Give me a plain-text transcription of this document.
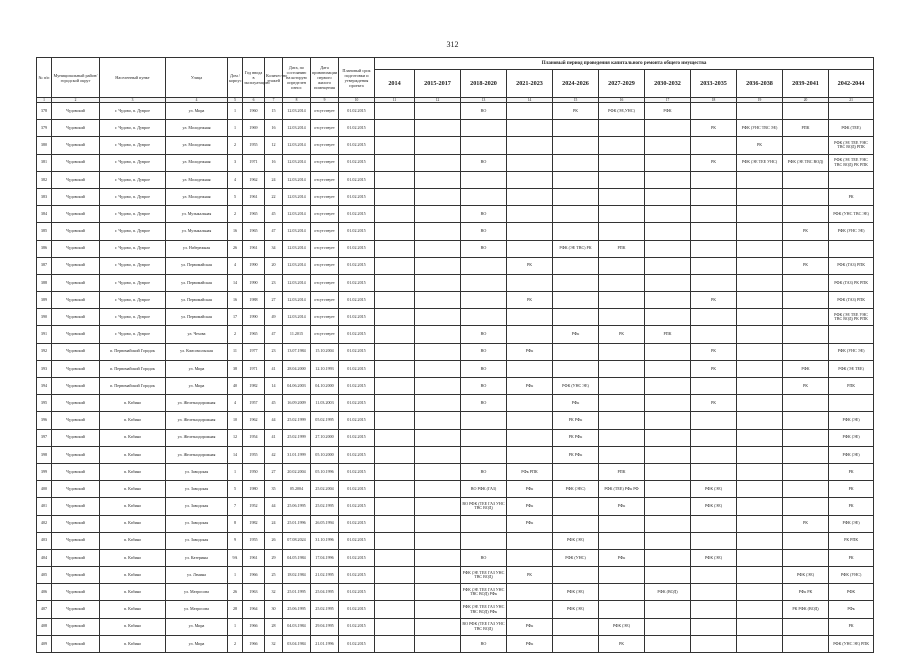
312
№ п/п	Муниципальный район/городской округ	Населенный пункт	Улица	Дом / корпус	Год ввода в эксплуатацию	Количество этажей	Дата, по состоянию на которую определен износ	Дата приватизации первого жилого помещения	Плановый срок подготовки и утверждения проекта	Плановый период проведения капитального ремонта общего имущества										
										2014	2015-2017	2018-2020	2021-2023	2024-2026	2027-2029	2030-2032	2033-2035	2036-2038	2039-2041	2042-2044
1	2	3	4	5	6	7	8	9	10	11	12	13	14	15	16	17	18	19	20	21
378	Чудовский	г. Чудово, п. Дуврое	ул. Мира	1	1960	15	12.03.2014	отсутствует	01.02.2015			ВО		РК	РФК (ЭЕ,УНС)	РФК				
379	Чудовский	г. Чудово, п. Дуврое	ул. Молодежная	1	1969	16	12.03.2014	отсутствует	01.02.2015								РК	РФК (УНС ТВС ЭЕ)	РПК	РФК (ТЕЕ)
380	Чудовский	г. Чудово, п. Дуврое	ул. Молодежная	2	1955	12	12.03.2014	отсутствует	01.02.2015									РК		РФК (ЭЕ ТЕЕ УНС ТВС ВОД) РПК
381	Чудовский	г. Чудово, п. Дуврое	ул. Молодежная	3	1971	16	12.03.2014	отсутствует	01.02.2015			ВО					РК	РФК (ЭЕ ТЕЕ УНС)	РФК (ЭЕ ТВС ВОД)	РФК (ЭЕ ТЕЕ УНС ТВС ВОД) РК РПК
382	Чудовский	г. Чудово, п. Дуврое	ул. Молодежная	4	1962	24	12.03.2014	отсутствует	01.02.2015											
383	Чудовский	г. Чудово, п. Дуврое	ул. Молодежная	5	1961	22	12.03.2014	отсутствует	01.02.2015											РК
384	Чудовский	г. Чудово, п. Дуврое	ул. Музыкальная	2	1965	45	12.03.2014	отсутствует	01.02.2015			ВО								РФК (УНС ТВС ЭЕ)
385	Чудовский	г. Чудово, п. Дуврое	ул. Музыкальная	16	1965	47	12.03.2014	отсутствует	01.02.2015			ВО							РК	РФК (УНС ЭЕ)
386	Чудовский	г. Чудово, п. Дуврое	ул. Набережная	26	1961	34	12.03.2014	отсутствует	01.02.2015			ВО		РФК (ЭЕ ТВС) РК	РПК					
387	Чудовский	г. Чудово, п. Дуврое	ул. Первомайская	4	1990	20	12.03.2014	отсутствует	01.02.2015				РК						РК	РФК (ГАЗ) РПК
388	Чудовский	г. Чудово, п. Дуврое	ул. Первомайская	14	1990	23	12.03.2014	отсутствует	01.02.2015											РФК (ГАЗ) РК РПК
389	Чудовский	г. Чудово, п. Дуврое	ул. Первомайская	16	1988	27	12.03.2014	отсутствует	01.02.2015				РК				РК			РФК (ГАЗ) РПК
390	Чудовский	г. Чудово, п. Дуврое	ул. Первомайская	17	1990	49	12.03.2014	отсутствует	01.02.2015											РФК (ЭЕ ТЕЕ УНС ТВС ВОД) РК РПК
391	Чудовский	г. Чудово, п. Дуврое	ул. Чехова	2	1965	47	11.2015	отсутствует	01.02.2015			ВО		РФк	РК	РПК				
392	Чудовский	п. Первомайский Городок	ул. Комсомольская	11	1977	23	13.07.1984	15.10.2004	01.02.2015			ВО	РФк				РК			РФК (УНС ЭЕ)
393	Чудовский	п. Первомайский Городок	ул. Мира	38	1971	41	28.04.2000	12.10.1993	01.02.2015			ВО					РК		РФК	РФК (ЭЕ ТЕЕ)
394	Чудовский	п. Первомайский Городок	ул. Мира	40	1982	14	04.06.2003	04.10.2000	01.02.2015			ВО	РФк	РФК (УНС ЭЕ)					РК	РПК
395	Чудовский	п. Кабино	ул. Железнодорожная	4	1957	45	16.09.2009	11.03.2003	01.02.2015			ВО		РФк			РК			
396	Чудовский	п. Кабино	ул. Железнодорожная	10	1962	44	25.02.1999	05.02.1995	01.02.2015					РК РФк						РФК (ЭЕ)
397	Чудовский	п. Кабино	ул. Железнодорожная	12	1954	41	25.02.1999	27.10.2000	01.02.2015					РК РФк						РФК (ЭЕ)
398	Чудовский	п. Кабино	ул. Железнодорожная	14	1955	42	31.01.1999	05.10.2000	01.02.2015					РК РФк						РФК (ЭЕ)
399	Чудовский	п. Кабино	ул. Заводская	1	1950	27	20.02.2004	05.10.1996	01.02.2015			ВО	РФк РПК		РПК					РК
400	Чудовский	п. Кабино	ул. Заводская	5	1980	35	05.2004	25.02.2004	01.02.2015			ВО РФК (ГАЗ)	РФк	РФК (ЭЕС)	РФК (ТЕЕ) РФк РФ		РФК (ЭЕ)			РК
401	Чудовский	п. Кабино	ул. Заводская	7	1952	44	25.06.1995	25.02.1995	01.02.2015			ВО РФК (ТЕЕ ГАЗ УНС ТВС ВОД)	РФк		РФк		РФК (ЭЕ)			РК
402	Чудовский	п. Кабино	ул. Заводская	8	1982	24	25.01.1996	26.05.1994	01.02.2015				РФк						РК	РФК (ЭЕ)
403	Чудовский	п. Кабино	ул. Заводская	9	1955	26	07.08.2024	31.10.1996	01.02.2015					РФК (ЭЕ)						РК РПК
404	Чудовский	п. Кабино	ул. Катерины	9А	1961	29	04.05.1984	17.04.1996	01.02.2015			ВО		РФК (УНС)	РФк		РФК (ЭЕ)			РК
405	Чудовский	п. Кабино	ул. Ленина	1	1966	25	18.02.1984	21.02.1995	01.02.2015			РФК (ЭЕ ТЕЕ ГАЗ УНС ТВС ВОД)	РК						РФК (ЭЕ)	РФК (УНС)
406	Чудовский	п. Кабино	ул. Матросова	26	1963	32	25.01.1995	25.04.1995	01.02.2015			РФК (ЭЕ ТЕЕ ГАЗ УНС ТВС ВОД) РФк		РФК (ЭЕ)		РФК (ВОД)			РФк РК	РФК
407	Чудовский	п. Кабино	ул. Матросова	28	1964	30	25.06.1995	25.02.1995	01.02.2015			РФК (ЭЕ ТЕЕ ГАЗ УНС ТВС ВОД) РФк		РФК (ЭЕ)					РК РФК (ВОД)	РФк
408	Чудовский	п. Кабино	ул. Мира	1	1966	28	04.03.1984	29.04.1995	01.02.2015			ВО РФК (ТЕЕ ГАЗ УНС ТВС ВОД)	РФк		РФК (ЭЕ)					РК
409	Чудовский	п. Кабино	ул. Мира	2	1966	32	03.04.1984	21.01.1996	01.02.2015			ВО	РФк		РК					РФК (УНС ЭЕ) РПК
